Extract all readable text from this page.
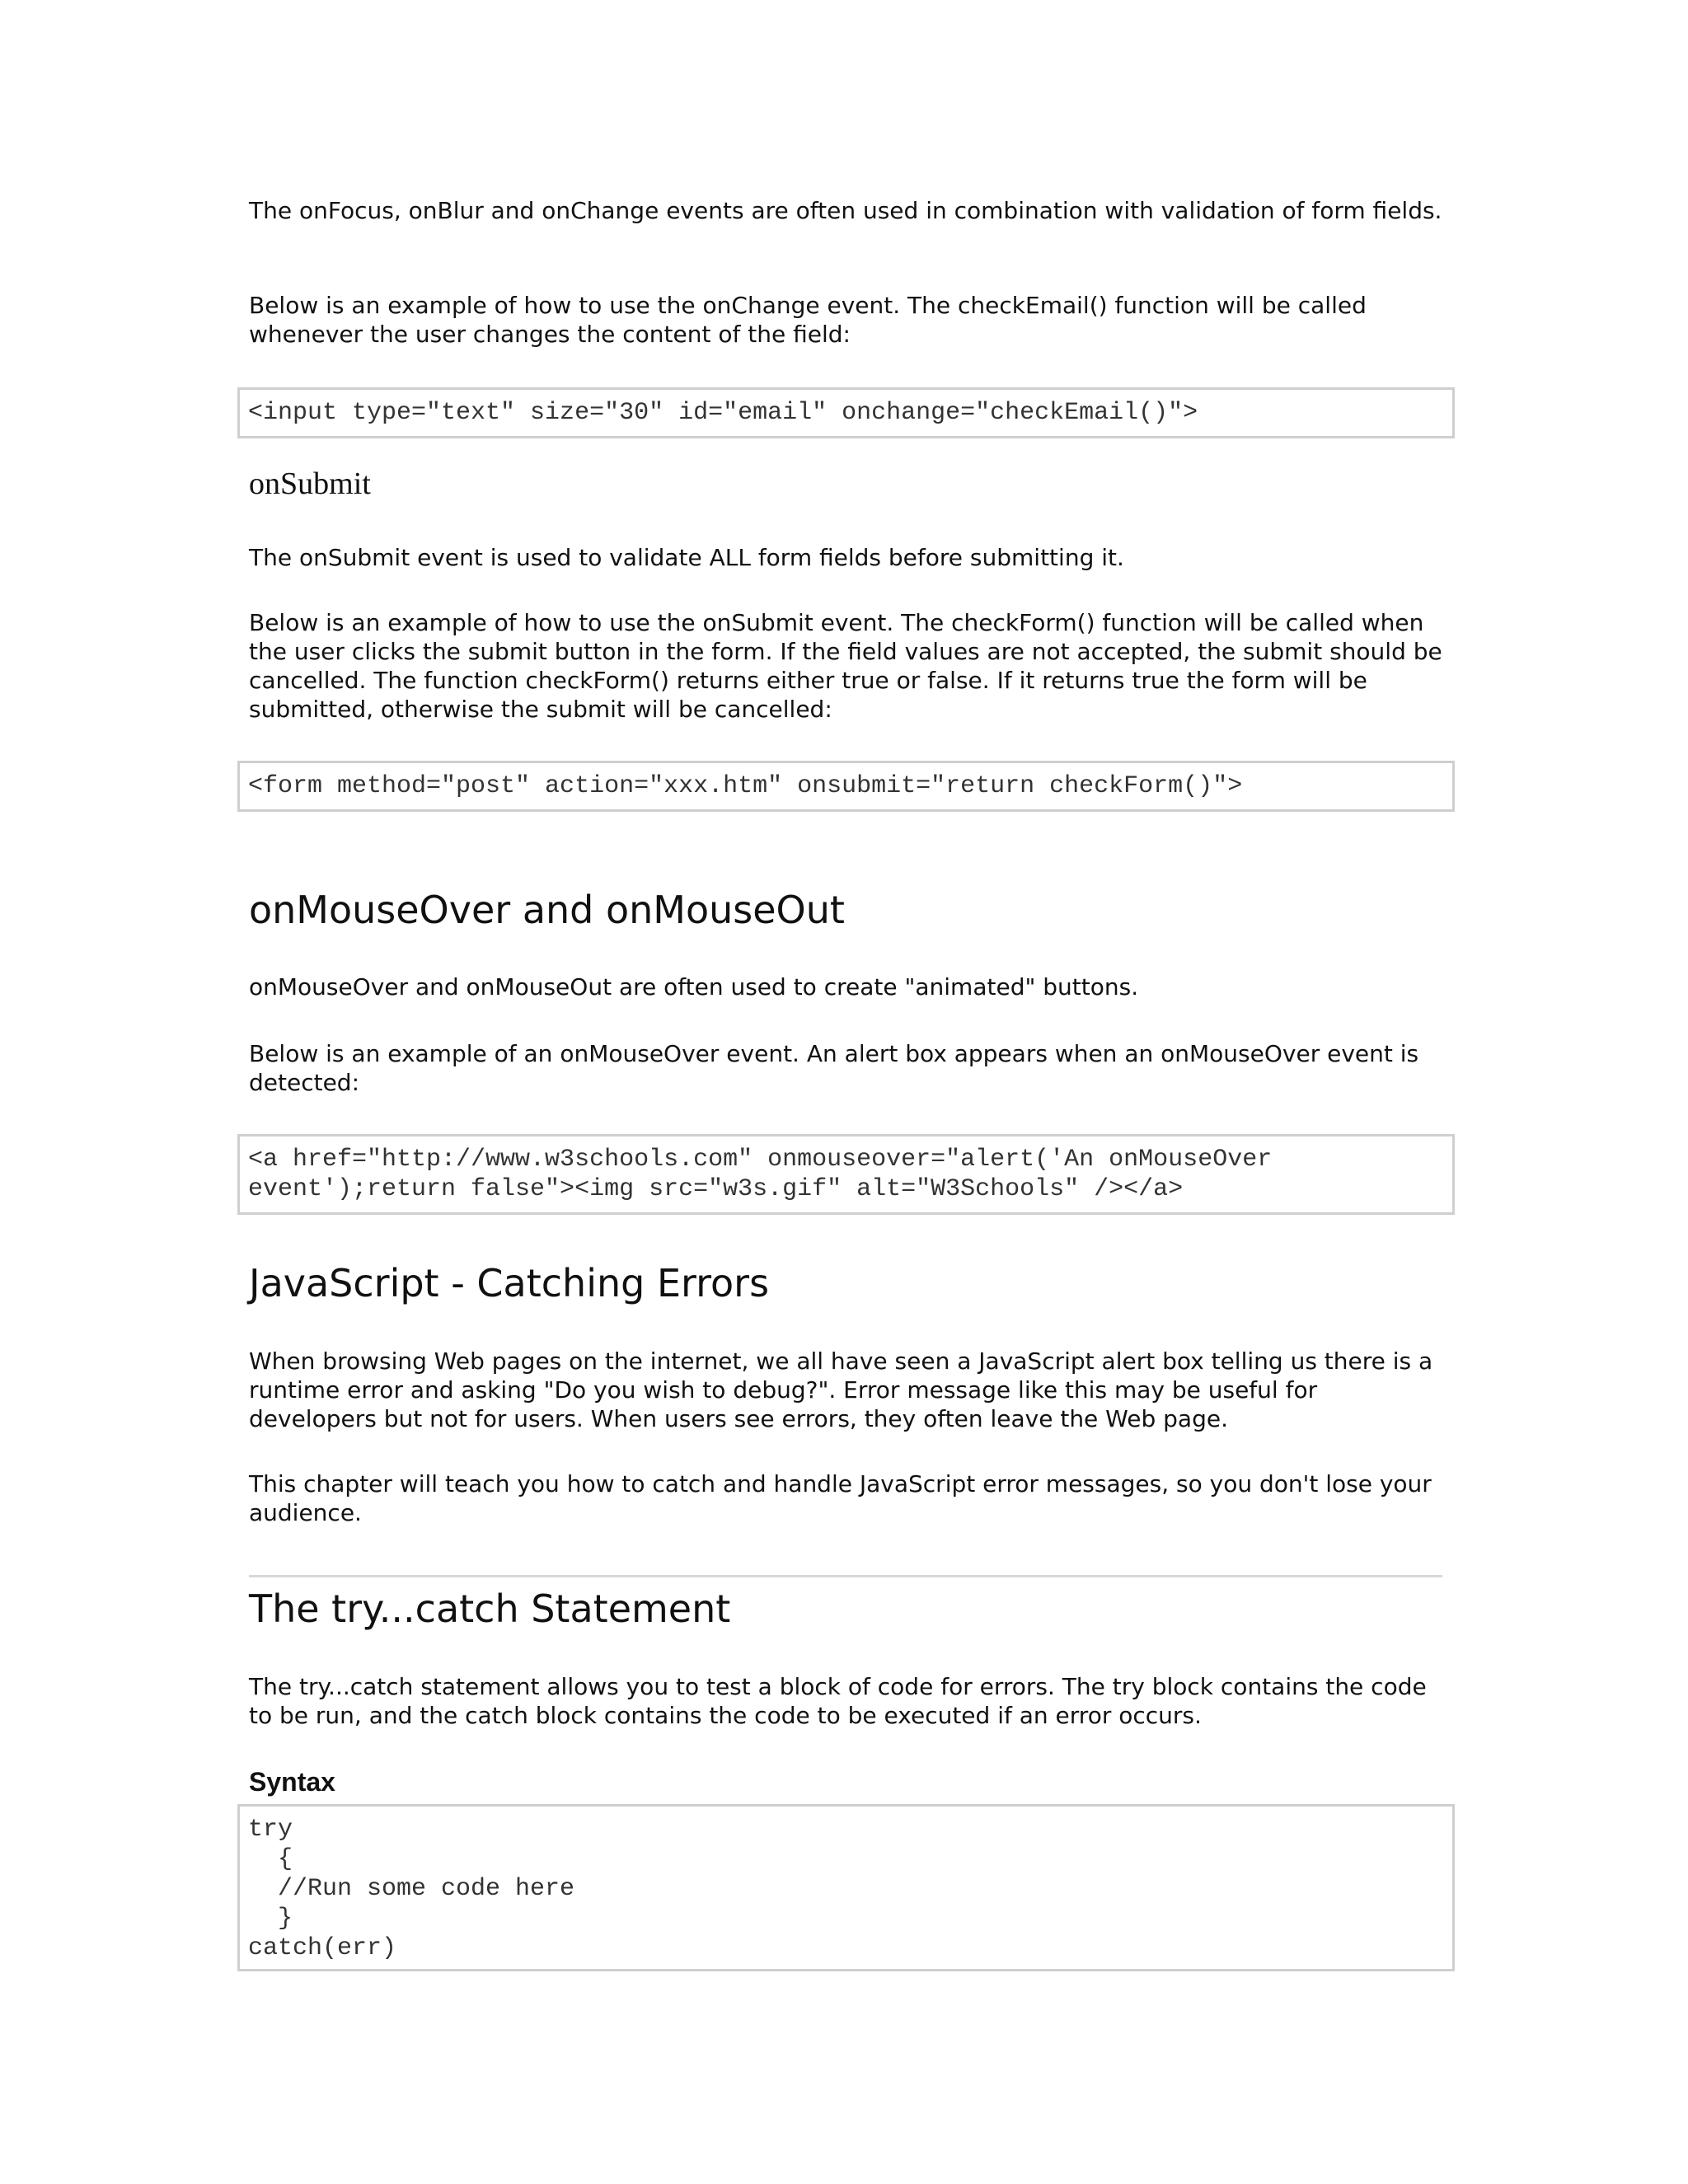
The onFocus, onBlur and onChange events are often used in combination with validation of form fields.

Below is an example of how to use the onChange event. The checkEmail() function will be called whenever the user changes the content of the field:

<input type="text" size="30" id="email" onchange="checkEmail()">
onSubmit

The onSubmit event is used to validate ALL form fields before submitting it.

Below is an example of how to use the onSubmit event. The checkForm() function will be called when the user clicks the submit button in the form. If the field values are not accepted, the submit should be cancelled. The function checkForm() returns either true or false. If it returns true the form will be submitted, otherwise the submit will be cancelled:

<form method="post" action="xxx.htm" onsubmit="return checkForm()">
onMouseOver and onMouseOut

onMouseOver and onMouseOut are often used to create "animated" buttons.

Below is an example of an onMouseOver event. An alert box appears when an onMouseOver event is detected:

<a href="http://www.w3schools.com" onmouseover="alert('An onMouseOver
event');return false"><img src="w3s.gif" alt="W3Schools" /></a>
JavaScript - Catching Errors

When browsing Web pages on the internet, we all have seen a JavaScript alert box telling us there is a runtime error and asking "Do you wish to debug?". Error message like this may be useful for developers but not for users. When users see errors, they often leave the Web page.

This chapter will teach you how to catch and handle JavaScript error messages, so you don't lose your audience.

The try...catch Statement

The try...catch statement allows you to test a block of code for errors. The try block contains the code to be run, and the catch block contains the code to be executed if an error occurs.

Syntax
try
{
//Run some code here
}
catch(err)
